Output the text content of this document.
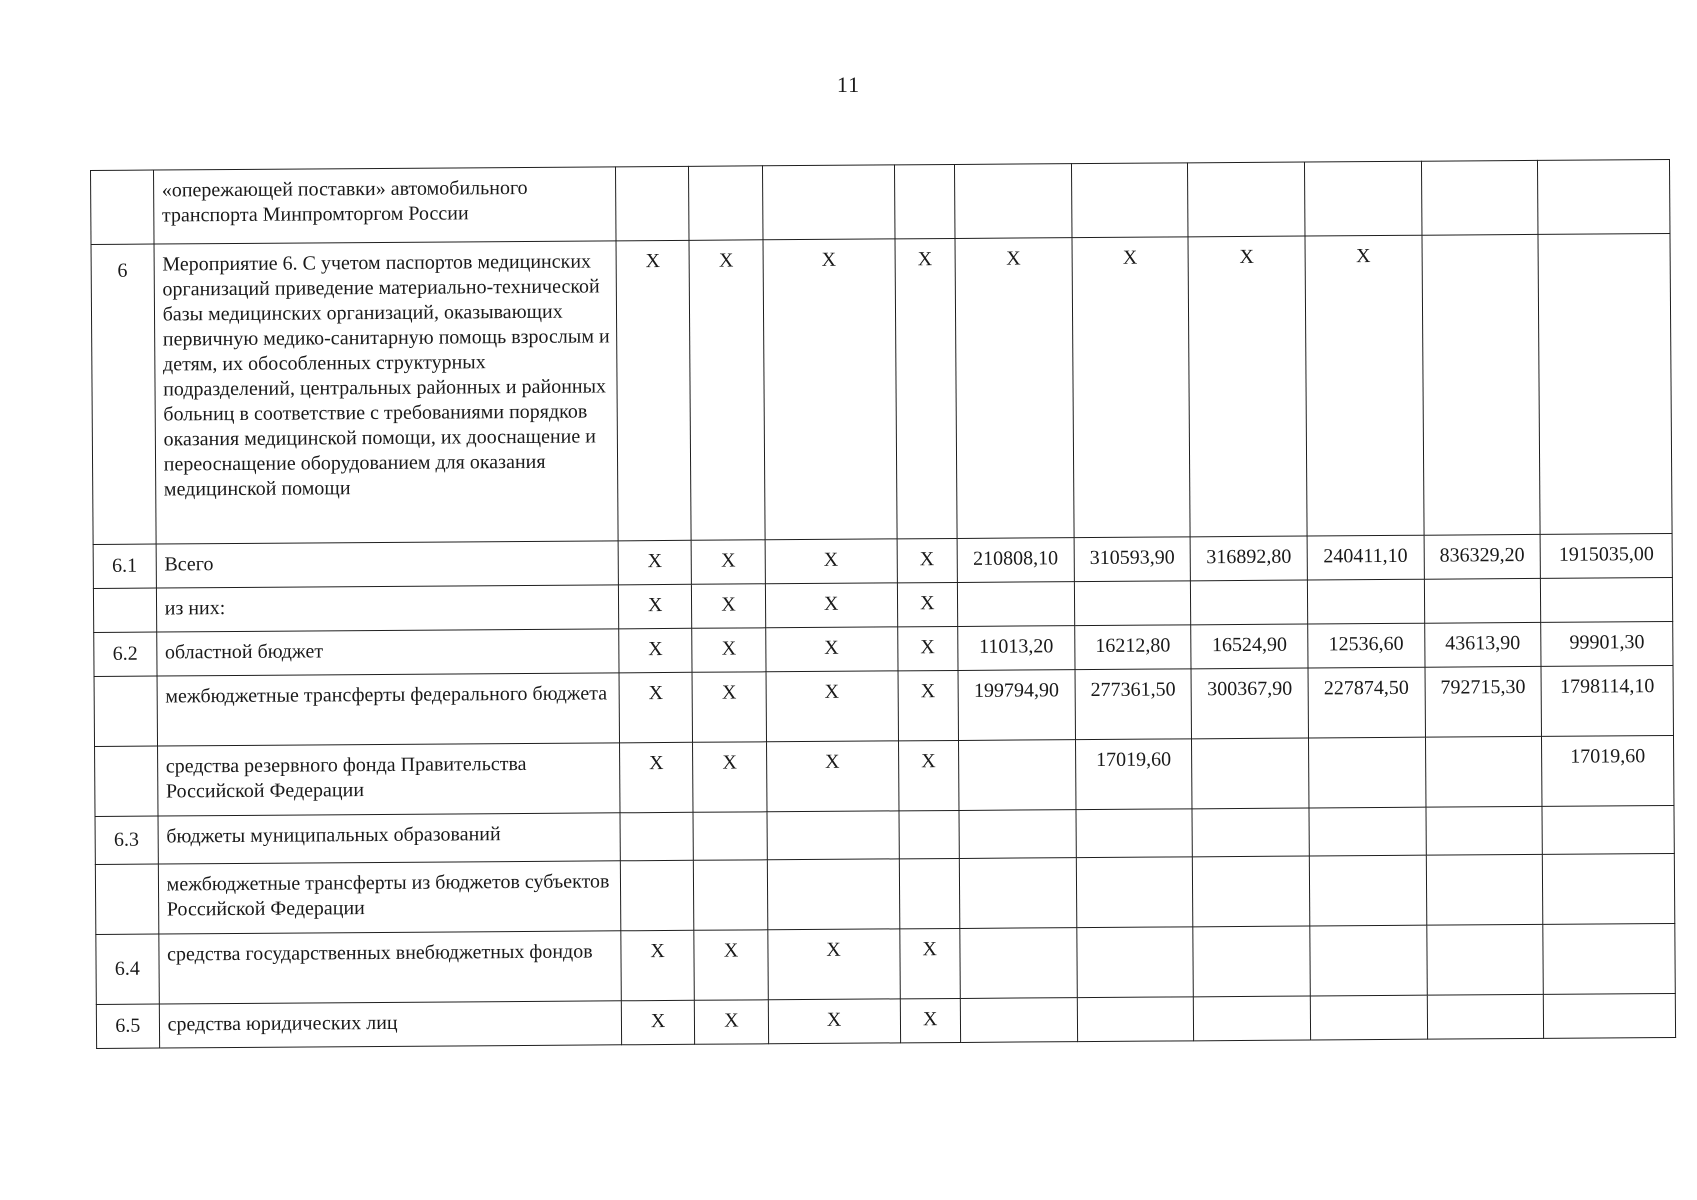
11
	«опережающей поставки» автомобильного транспорта Минпромторгом России										
6	Мероприятие 6. С учетом паспортов медицинских организаций приведение материально-технической базы медицинских организаций, оказывающих первичную медико-санитарную помощь взрослым и детям, их обособленных структурных подразделений, центральных районных и районных больниц в соответствие с требованиями порядков оказания медицинской помощи, их дооснащение и переоснащение оборудованием для оказания медицинской помощи	Х	Х	Х	Х	Х	Х	Х	Х		
6.1	Всего	Х	Х	Х	Х	210808,10	310593,90	316892,80	240411,10	836329,20	1915035,00
	из них:	Х	Х	Х	Х						
6.2	областной бюджет	Х	Х	Х	Х	11013,20	16212,80	16524,90	12536,60	43613,90	99901,30
	межбюджетные трансферты федерального бюджета	Х	Х	Х	Х	199794,90	277361,50	300367,90	227874,50	792715,30	1798114,10
	средства резервного фонда Правительства Российской Федерации	Х	Х	Х	Х		17019,60				17019,60
6.3	бюджеты муниципальных образований										
	межбюджетные трансферты из бюджетов субъектов Российской Федерации										
6.4	средства государственных внебюджетных фондов	Х	Х	Х	Х						
6.5	средства юридических лиц	Х	Х	Х	Х						
